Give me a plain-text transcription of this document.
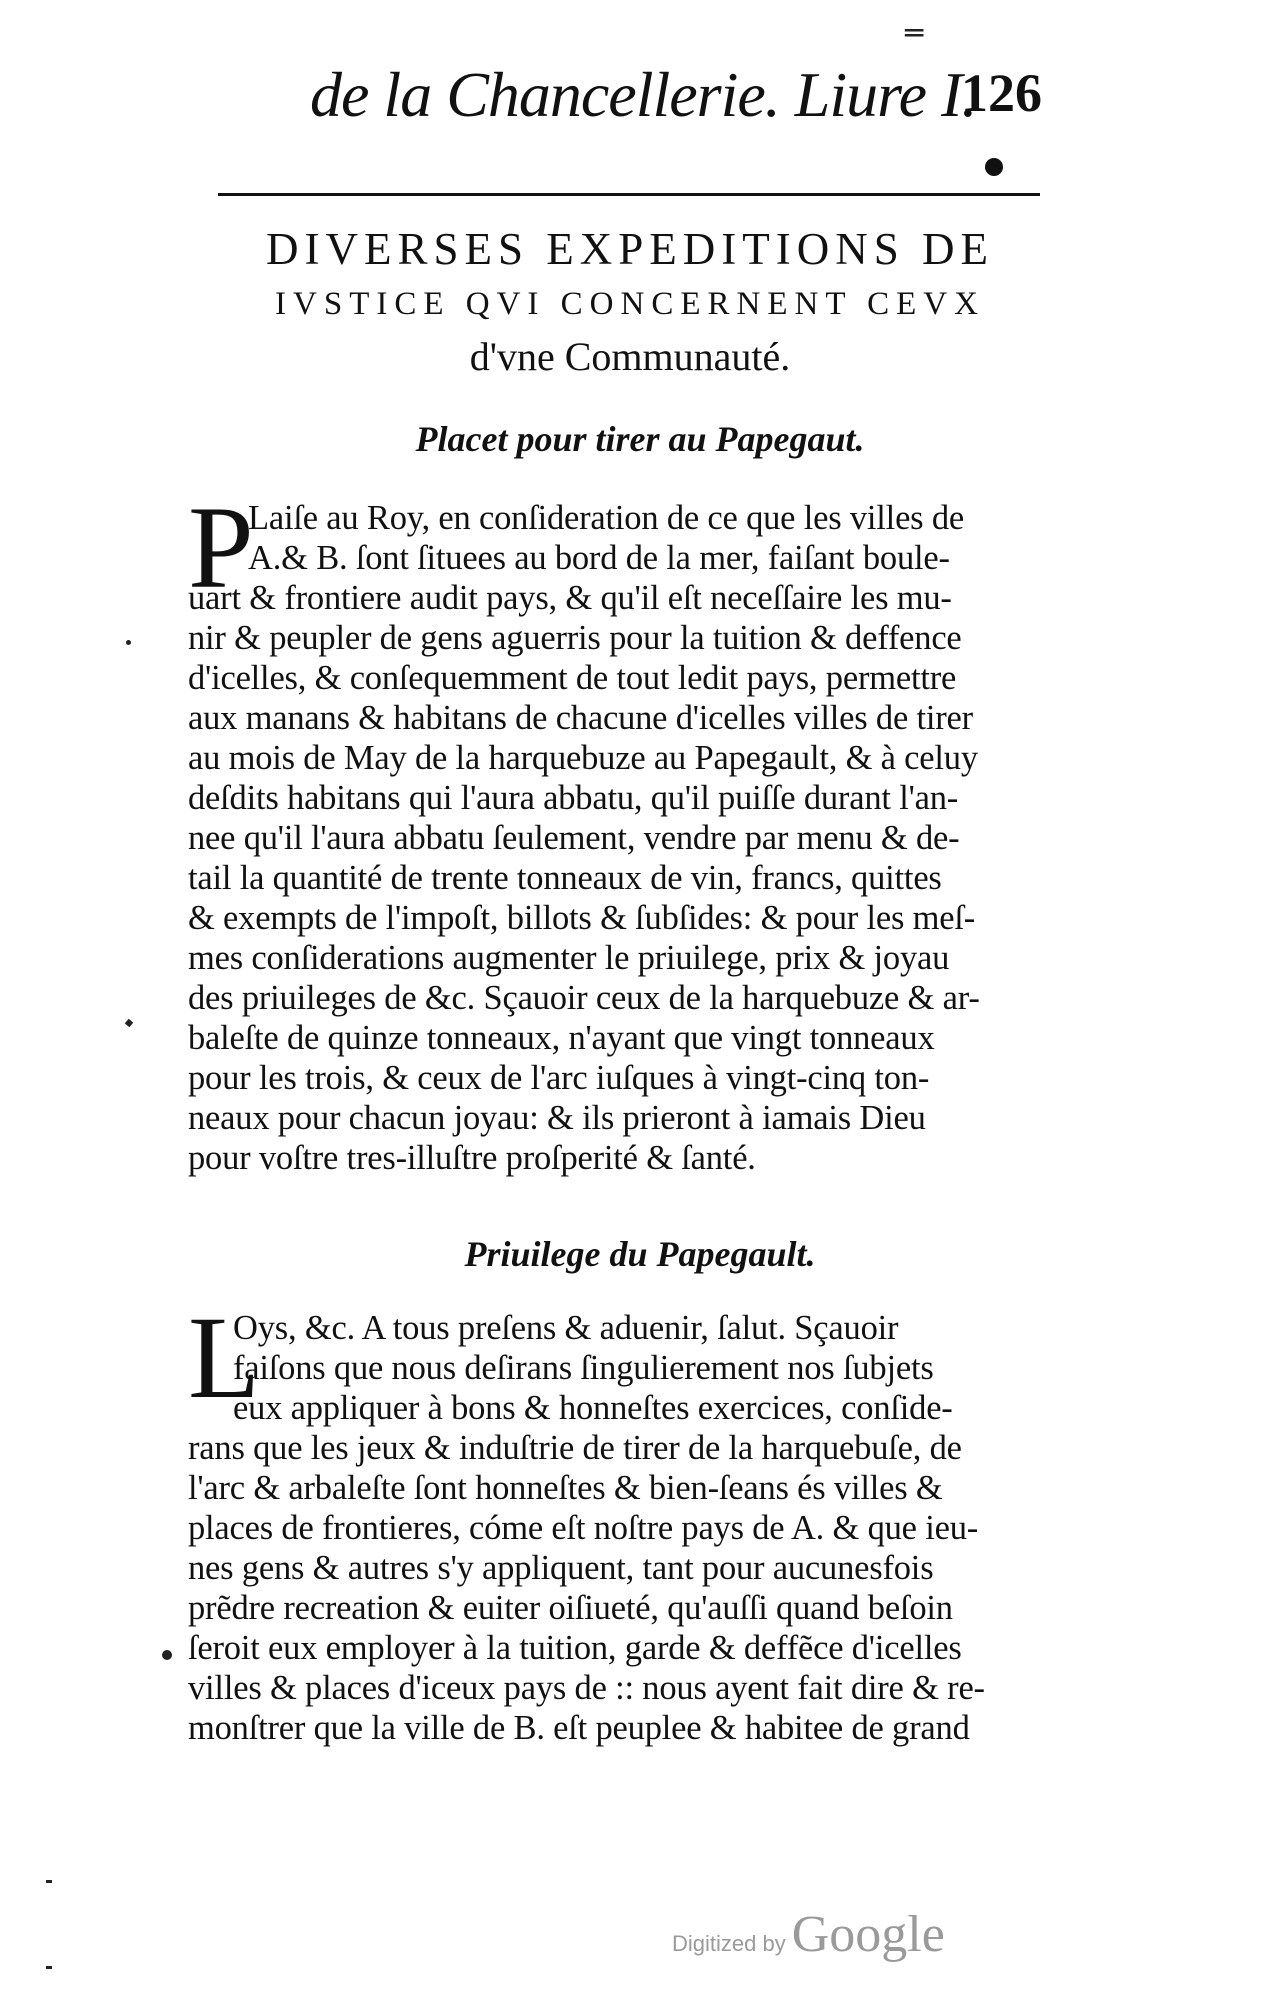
═
de la Chancellerie. Liure I.
126
DIVERSES EXPEDITIONS DE
IVSTICE QVI CONCERNENT CEVX
d'vne Communauté.
Placet pour tirer au Papegaut.
P
Laiſe au Roy, en conſideration de ce que les villes de
A.& B. ſont ſituees au bord de la mer, faiſant boule-
uart & frontiere audit pays, & qu'il eſt neceſſaire les mu-
nir & peupler de gens aguerris pour la tuition & deffence
d'icelles, & conſequemment de tout ledit pays, permettre
aux manans & habitans de chacune d'icelles villes de tirer
au mois de May de la harquebuze au Papegault, & à celuy
deſdits habitans qui l'aura abbatu, qu'il puiſſe durant l'an-
nee qu'il l'aura abbatu ſeulement, vendre par menu & de-
tail la quantité de trente tonneaux de vin, francs, quittes
& exempts de l'impoſt, billots & ſubſides: & pour les meſ-
mes conſiderations augmenter le priuilege, prix & joyau
des priuileges de &c. Sçauoir ceux de la harquebuze & ar-
baleſte de quinze tonneaux, n'ayant que vingt tonneaux
pour les trois, & ceux de l'arc iuſques à vingt-cinq ton-
neaux pour chacun joyau: & ils prieront à iamais Dieu
pour voſtre tres-illuſtre proſperité & ſanté.
Priuilege du Papegault.
L
Oys, &c. A tous preſens & aduenir, ſalut. Sçauoir
faiſons que nous deſirans ſingulierement nos ſubjets
eux appliquer à bons & honneſtes exercices, conſide-
rans que les jeux & induſtrie de tirer de la harquebuſe, de
l'arc & arbaleſte ſont honneſtes & bien-ſeans és villes &
places de frontieres, cóme eſt noſtre pays de A. & que ieu-
nes gens & autres s'y appliquent, tant pour aucunesfois
prẽdre recreation & euiter oiſiueté, qu'auſſi quand beſoin
ſeroit eux employer à la tuition, garde & deffẽce d'icelles
villes & places d'iceux pays de :: nous ayent fait dire & re-
monſtrer que la ville de B. eſt peuplee & habitee de grand
Digitized by Google
